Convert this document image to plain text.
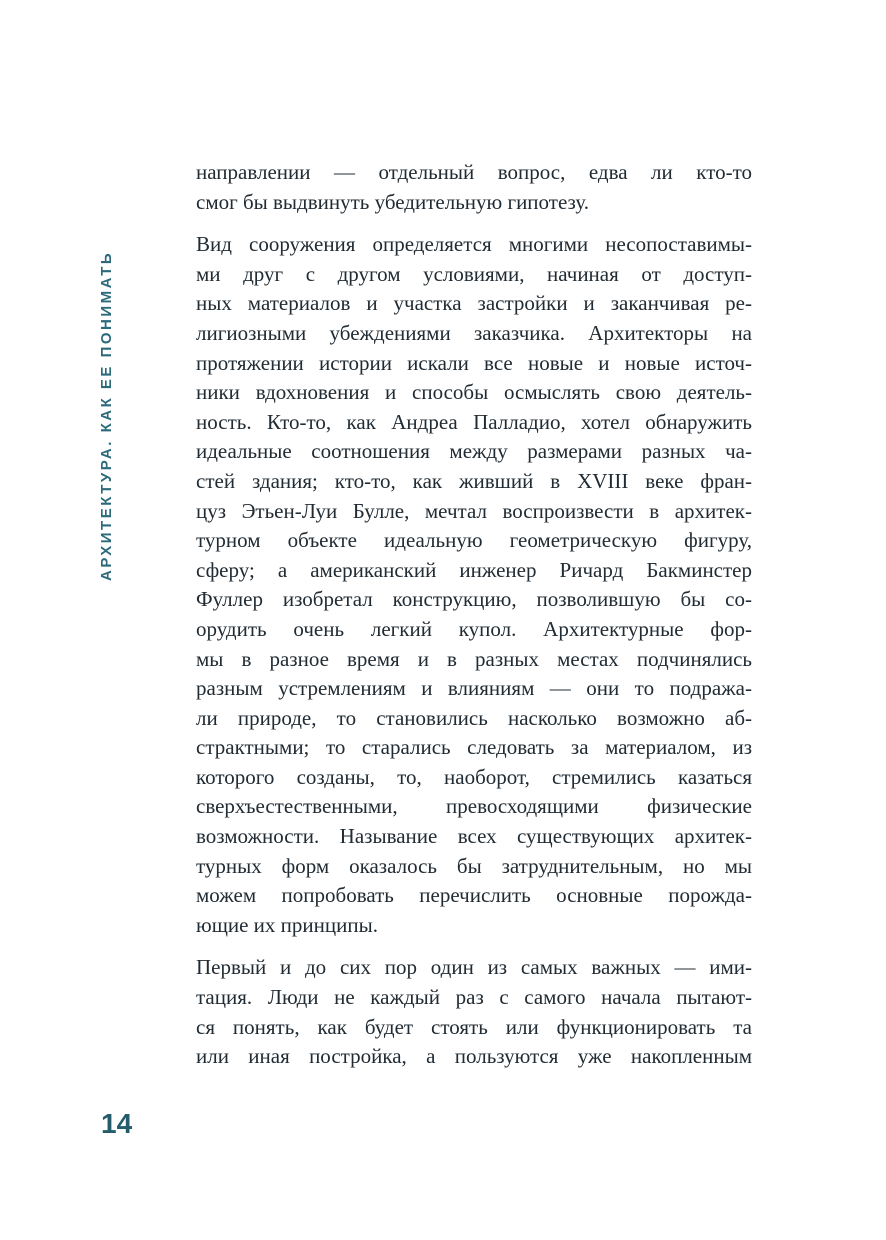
АРХИТЕКТУРА. КАК ЕЕ ПОНИМАТЬ
направлении — отдельный вопрос, едва ли кто-то
смог бы выдвинуть убедительную гипотезу.
Вид сооружения определяется многими несопоставимы-
ми друг с другом условиями, начиная от доступ-
ных материалов и участка застройки и заканчивая ре-
лигиозными убеждениями заказчика. Архитекторы на
протяжении истории искали все новые и новые источ-
ники вдохновения и способы осмыслять свою деятель-
ность. Кто-то, как Андреа Палладио, хотел обнаружить
идеальные соотношения между размерами разных ча-
стей здания; кто-то, как живший в XVIII веке фран-
цуз Этьен-Луи Булле, мечтал воспроизвести в архитек-
турном объекте идеальную геометрическую фигуру,
сферу; а американский инженер Ричард Бакминстер
Фуллер изобретал конструкцию, позволившую бы со-
орудить очень легкий купол. Архитектурные фор-
мы в разное время и в разных местах подчинялись
разным устремлениям и влияниям — они то подража-
ли природе, то становились насколько возможно аб-
страктными; то старались следовать за материалом, из
которого созданы, то, наоборот, стремились казаться
сверхъестественными, превосходящими физические
возможности. Называние всех существующих архитек-
турных форм оказалось бы затруднительным, но мы
можем попробовать перечислить основные порожда-
ющие их принципы.
Первый и до сих пор один из самых важных — ими-
тация. Люди не каждый раз с самого начала пытают-
ся понять, как будет стоять или функционировать та
или иная постройка, а пользуются уже накопленным
14
